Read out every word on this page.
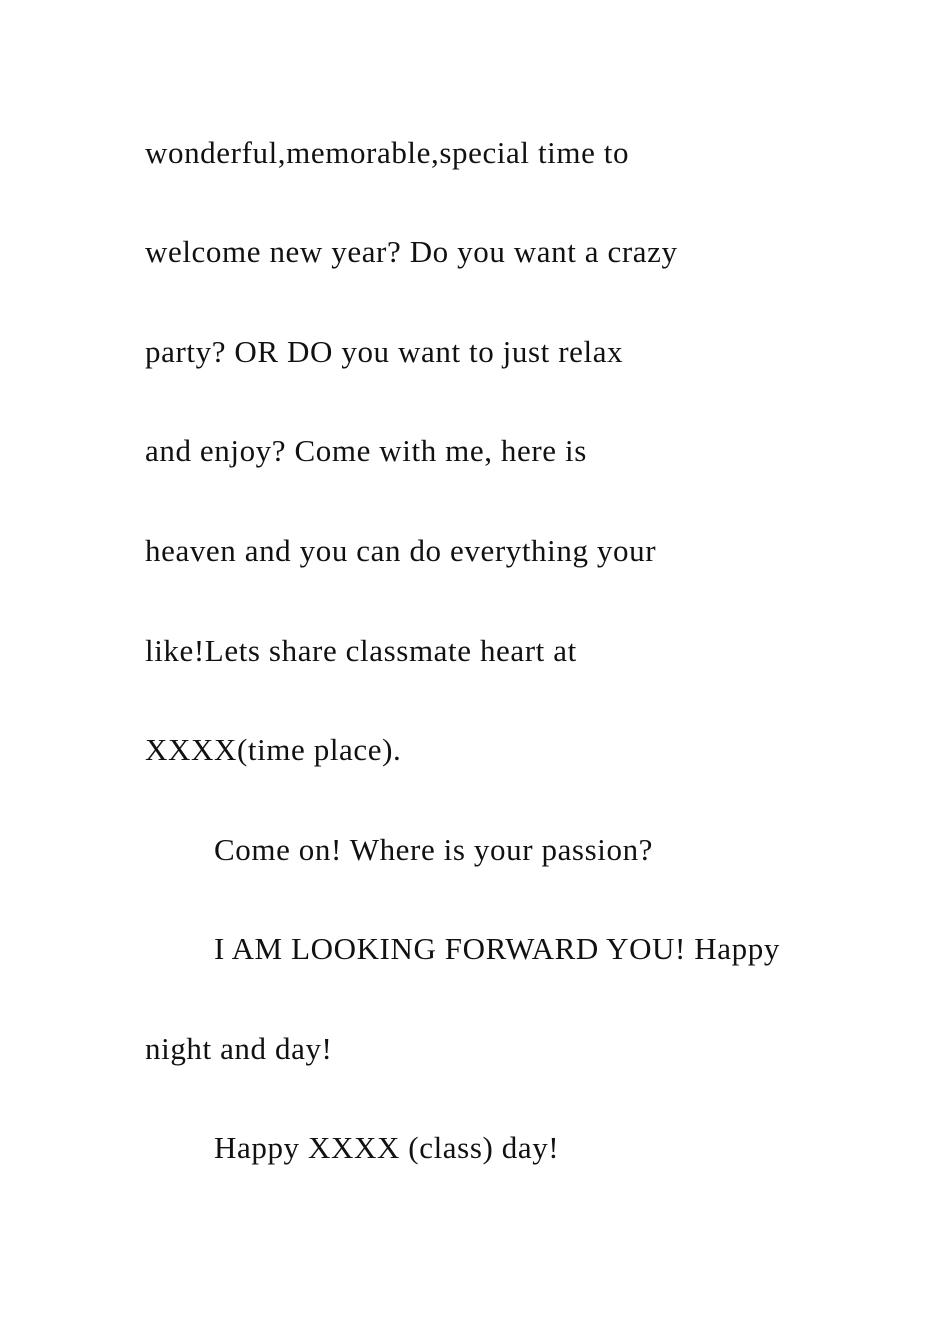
wonderful,memorable,special time to

welcome new year? Do you want a crazy

party? OR DO you want to just relax

and enjoy? Come with me, here is

heaven and you can do everything your

like!Lets share classmate heart at

XXXX(time place).

Come on! Where is your passion?

I AM LOOKING FORWARD YOU! Happy

night and day!

Happy XXXX (class) day!
